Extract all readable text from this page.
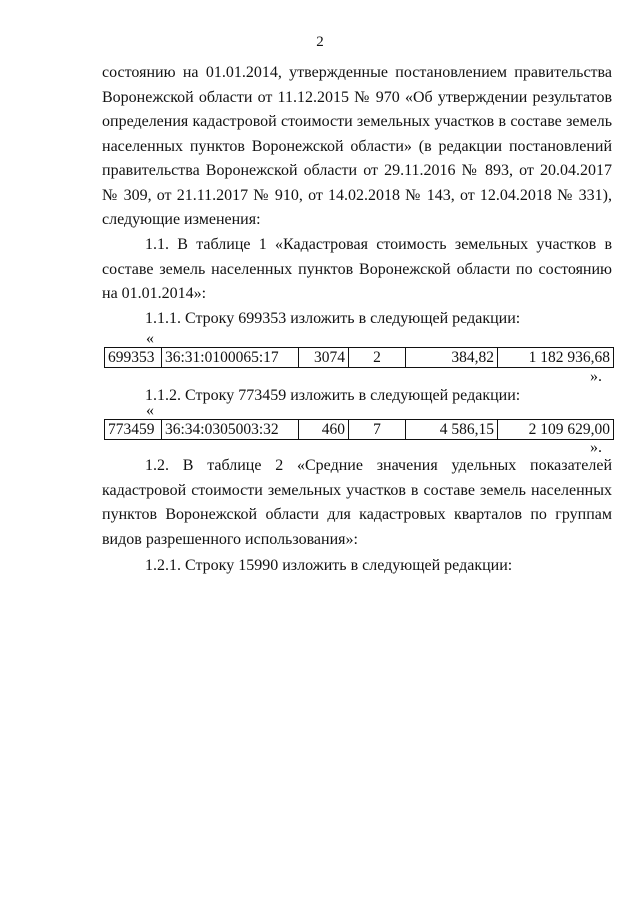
2
состоянию на 01.01.2014, утвержденные постановлением правительства Воронежской области от 11.12.2015 № 970 «Об утверждении результатов определения кадастровой стоимости земельных участков в составе земель населенных пунктов Воронежской области» (в редакции постановлений правительства Воронежской области от 29.11.2016 № 893, от 20.04.2017 № 309, от 21.11.2017 № 910, от 14.02.2018 № 143, от 12.04.2018 № 331), следующие изменения:
1.1. В таблице 1 «Кадастровая стоимость земельных участков в составе земель населенных пунктов Воронежской области по состоянию на 01.01.2014»:
1.1.1. Строку 699353 изложить в следующей редакции:
«
699353	36:31:0100065:17	3074	2	384,82	1 182 936,68
».
1.1.2. Строку 773459 изложить в следующей редакции:
«
773459	36:34:0305003:32	460	7	4 586,15	2 109 629,00
».
1.2. В таблице 2 «Средние значения удельных показателей кадастровой стоимости земельных участков в составе земель населенных пунктов Воронежской области для кадастровых кварталов по группам видов разрешенного использования»:
1.2.1. Строку 15990 изложить в следующей редакции:
